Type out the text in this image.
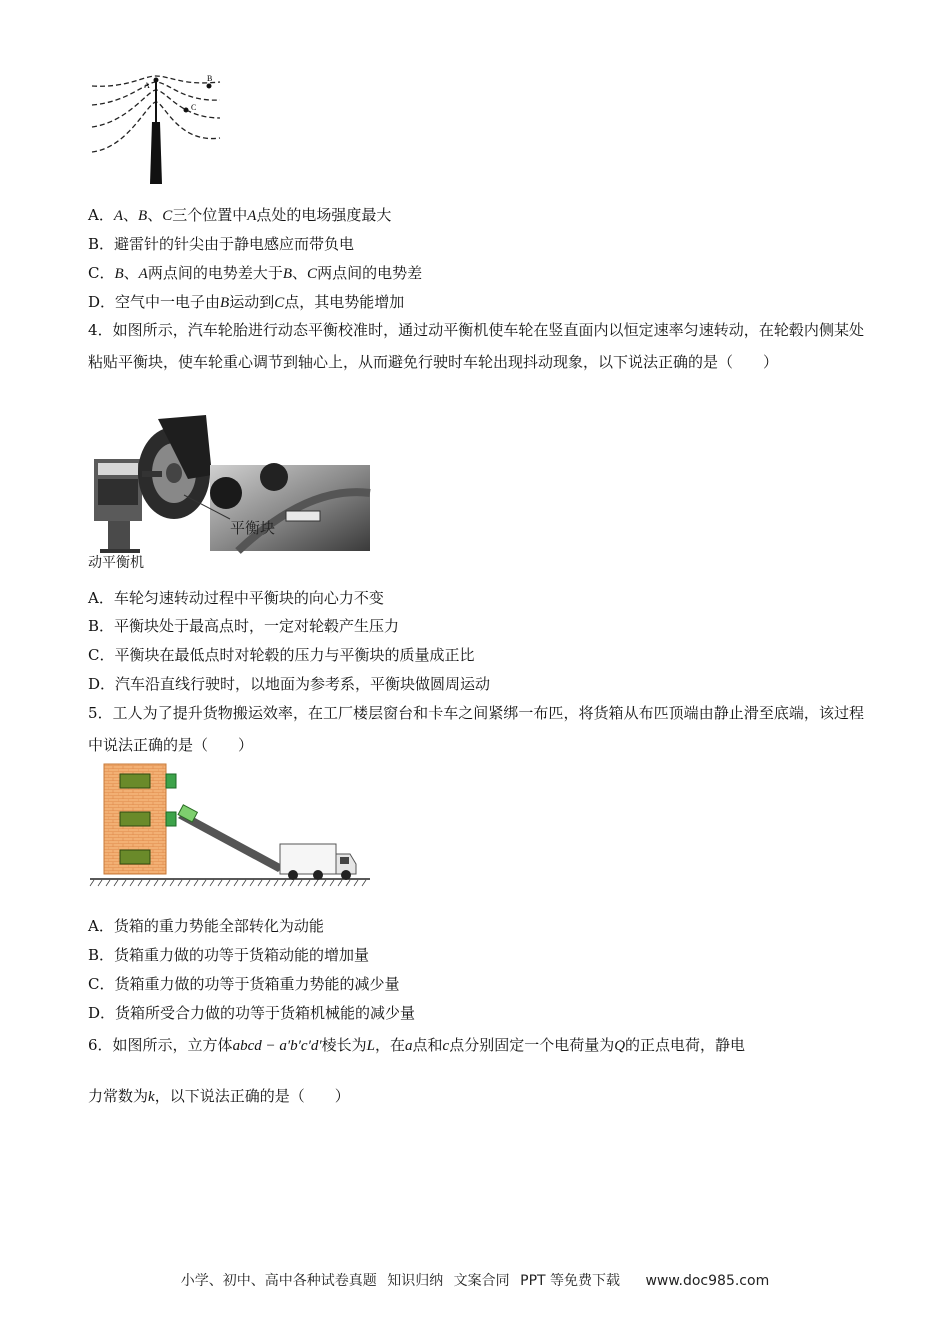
A
B
C
A．A、B、C三个位置中A点处的电场强度最大
B．避雷针的针尖由于静电感应而带负电
C．B、A两点间的电势差大于B、C两点间的电势差
D．空气中一电子由B运动到C点，其电势能增加
4．如图所示，汽车轮胎进行动态平衡校准时，通过动平衡机使车轮在竖直面内以恒定速率匀速转动，在轮毂内侧某处粘贴平衡块，使车轮重心调节到轴心上，从而避免行驶时车轮出现抖动现象，以下说法正确的是（　　）
平衡块
动平衡机
A．车轮匀速转动过程中平衡块的向心力不变
B．平衡块处于最高点时，一定对轮毂产生压力
C．平衡块在最低点时对轮毂的压力与平衡块的质量成正比
D．汽车沿直线行驶时，以地面为参考系，平衡块做圆周运动
5．工人为了提升货物搬运效率，在工厂楼层窗台和卡车之间紧绑一布匹，将货箱从布匹顶端由静止滑至底端，该过程中说法正确的是（　　）
A．货箱的重力势能全部转化为动能
B．货箱重力做的功等于货箱动能的增加量
C．货箱重力做的功等于货箱重力势能的减少量
D．货箱所受合力做的功等于货箱机械能的减少量
6．如图所示，立方体abcd − a′b′c′d′棱长为L，在a点和c点分别固定一个电荷量为Q的正点电荷，静电
力常数为k，以下说法正确的是（　　）
小学、初中、高中各种试卷真题 知识归纳 文案合同 PPT 等免费下载 www.doc985.com
